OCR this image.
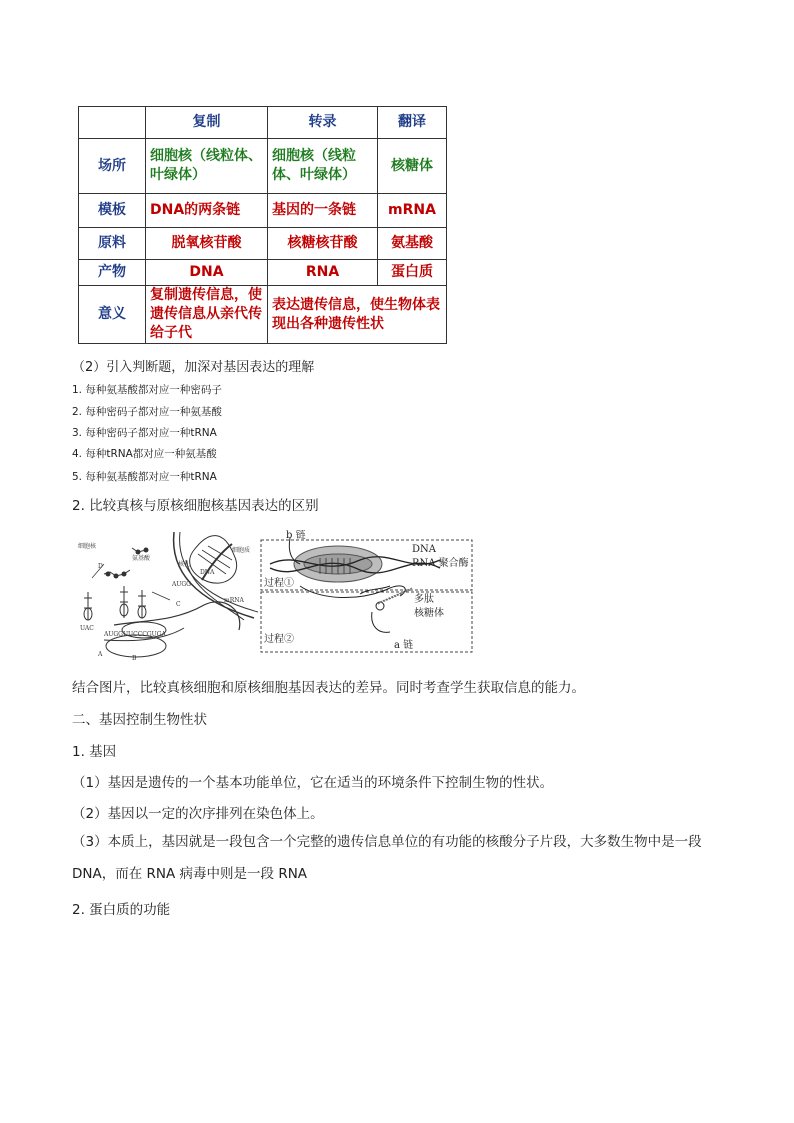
	复制	转录	翻译
场所	细胞核（线粒体、叶绿体）	细胞核（线粒体、叶绿体）	核糖体
模板	DNA的两条链	基因的一条链	mRNA
原料	脱氧核苷酸	核糖核苷酸	氨基酸
产物	DNA	RNA	蛋白质
意义	复制遗传信息，使遗传信息从亲代传给子代	表达遗传信息，使生物体表现出各种遗传性状	

（2）引入判断题，加深对基因表达的理解

1. 每种氨基酸都对应一种密码子

2. 每种密码子都对应一种氨基酸

3. 每种密码子都对应一种tRNA

4. 每种tRNA都对应一种氨基酸

5. 每种氨基酸都对应一种tRNA

2. 比较真核与原核细胞核基因表达的区别

细胞核
氨基酸
细胞质
核孔
DNA
mRNA
D
C
A
B
UAC
AUGGUUCCCGUGA
AUGG
b 链
DNA
RNA 聚合酶
过程①
多肽
核糖体
过程②
a 链

结合图片，比较真核细胞和原核细胞基因表达的差异。同时考查学生获取信息的能力。

二、基因控制生物性状

1. 基因

（1）基因是遗传的一个基本功能单位，它在适当的环境条件下控制生物的性状。

（2）基因以一定的次序排列在染色体上。

（3）本质上，基因就是一段包含一个完整的遗传信息单位的有功能的核酸分子片段，大多数生物中是一段DNA，而在 RNA 病毒中则是一段 RNA

2. 蛋白质的功能
